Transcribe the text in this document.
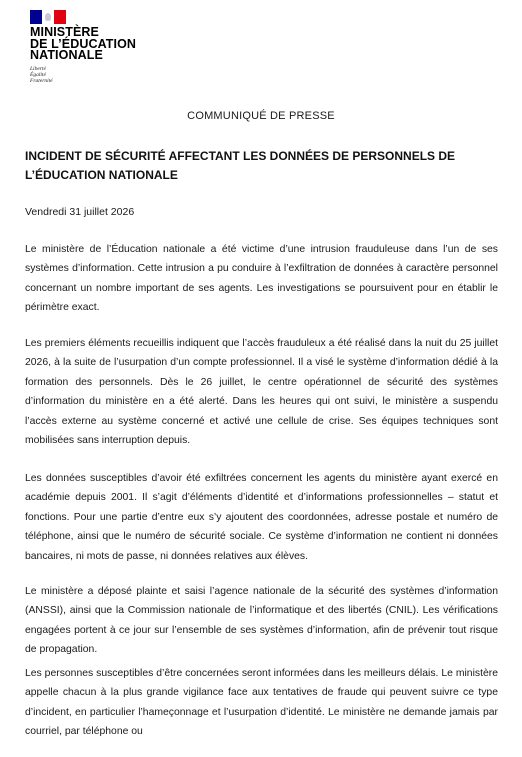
MINISTÈRE
DE L’ÉDUCATION
NATIONALE
Liberté
Égalité
Fraternité
COMMUNIQUÉ DE PRESSE
INCIDENT DE SÉCURITÉ AFFECTANT LES DONNÉES DE PERSONNELS DE L’ÉDUCATION NATIONALE
Vendredi 31 juillet 2026

Le ministère de l’Éducation nationale a été victime d’une intrusion frauduleuse dans l’un de ses systèmes d’information. Cette intrusion a pu conduire à l’exfiltration de données à caractère personnel concernant un nombre important de ses agents. Les investigations se poursuivent pour en établir le périmètre exact.

Les premiers éléments recueillis indiquent que l’accès frauduleux a été réalisé dans la nuit du 25 juillet 2026, à la suite de l’usurpation d’un compte professionnel. Il a visé le système d’information dédié à la formation des personnels. Dès le 26 juillet, le centre opérationnel de sécurité des systèmes d’information du ministère en a été alerté. Dans les heures qui ont suivi, le ministère a suspendu l’accès externe au système concerné et activé une cellule de crise. Ses équipes techniques sont mobilisées sans interruption depuis.

Les données susceptibles d’avoir été exfiltrées concernent les agents du ministère ayant exercé en académie depuis 2001. Il s’agit d’éléments d’identité et d’informations professionnelles – statut et fonctions. Pour une partie d’entre eux s’y ajoutent des coordonnées, adresse postale et numéro de téléphone, ainsi que le numéro de sécurité sociale. Ce système d’information ne contient ni données bancaires, ni mots de passe, ni données relatives aux élèves.

Le ministère a déposé plainte et saisi l’agence nationale de la sécurité des systèmes d’information (ANSSI), ainsi que la Commission nationale de l’informatique et des libertés (CNIL). Les vérifications engagées portent à ce jour sur l’ensemble de ses systèmes d’information, afin de prévenir tout risque de propagation.

Les personnes susceptibles d’être concernées seront informées dans les meilleurs délais. Le ministère appelle chacun à la plus grande vigilance face aux tentatives de fraude qui peuvent suivre ce type d’incident, en particulier l’hameçonnage et l’usurpation d’identité. Le ministère ne demande jamais par courriel, par téléphone ou
